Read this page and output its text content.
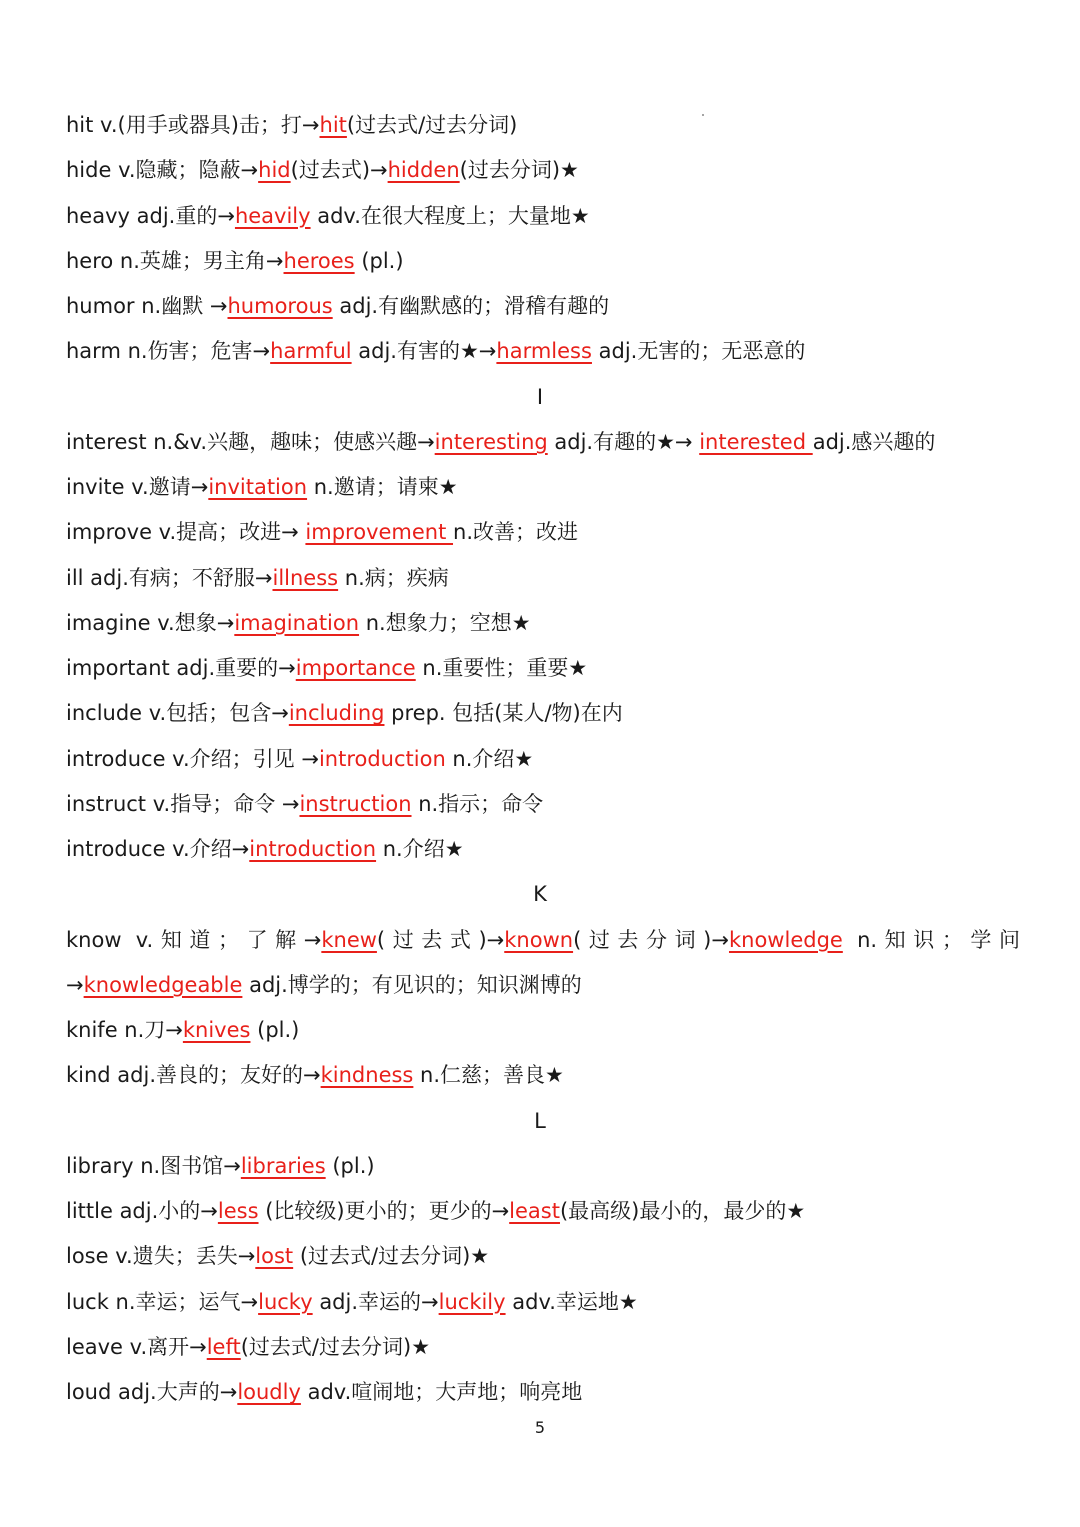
hit v.(用手或器具)击；打→hit(过去式/过去分词)
hide v.隐藏；隐蔽→hid(过去式)→hidden(过去分词)★
heavy adj.重的→heavily adv.在很大程度上；大量地★
hero n.英雄；男主角→heroes (pl.)
humor n.幽默 →humorous adj.有幽默感的；滑稽有趣的
harm n.伤害；危害→harmful adj.有害的★→harmless adj.无害的；无恶意的
I
interest n.&v.兴趣，趣味；使感兴趣→interesting adj.有趣的★→ interested adj.感兴趣的
invite v.邀请→invitation n.邀请；请柬★
improve v.提高；改进→ improvement n.改善；改进
ill adj.有病；不舒服→illness n.病；疾病
imagine v.想象→imagination n.想象力；空想★
important adj.重要的→importance n.重要性；重要★
include v.包括；包含→including prep. 包括(某人/物)在内
introduce v.介绍；引见 →introduction n.介绍★
instruct v.指导；命令 →instruction n.指示；命令
introduce v.介绍→introduction n.介绍★
K
know v.知道；了解→knew(过去式)→known(过去分词)→knowledge n.知识；学问
→knowledgeable adj.博学的；有见识的；知识渊博的
knife n.刀→knives (pl.)
kind adj.善良的；友好的→kindness n.仁慈；善良★
L
library n.图书馆→libraries (pl.)
little adj.小的→less (比较级)更小的；更少的→least(最高级)最小的，最少的★
lose v.遗失；丢失→lost (过去式/过去分词)★
luck n.幸运；运气→lucky adj.幸运的→luckily adv.幸运地★
leave v.离开→left(过去式/过去分词)★
loud adj.大声的→loudly adv.喧闹地；大声地；响亮地
5
